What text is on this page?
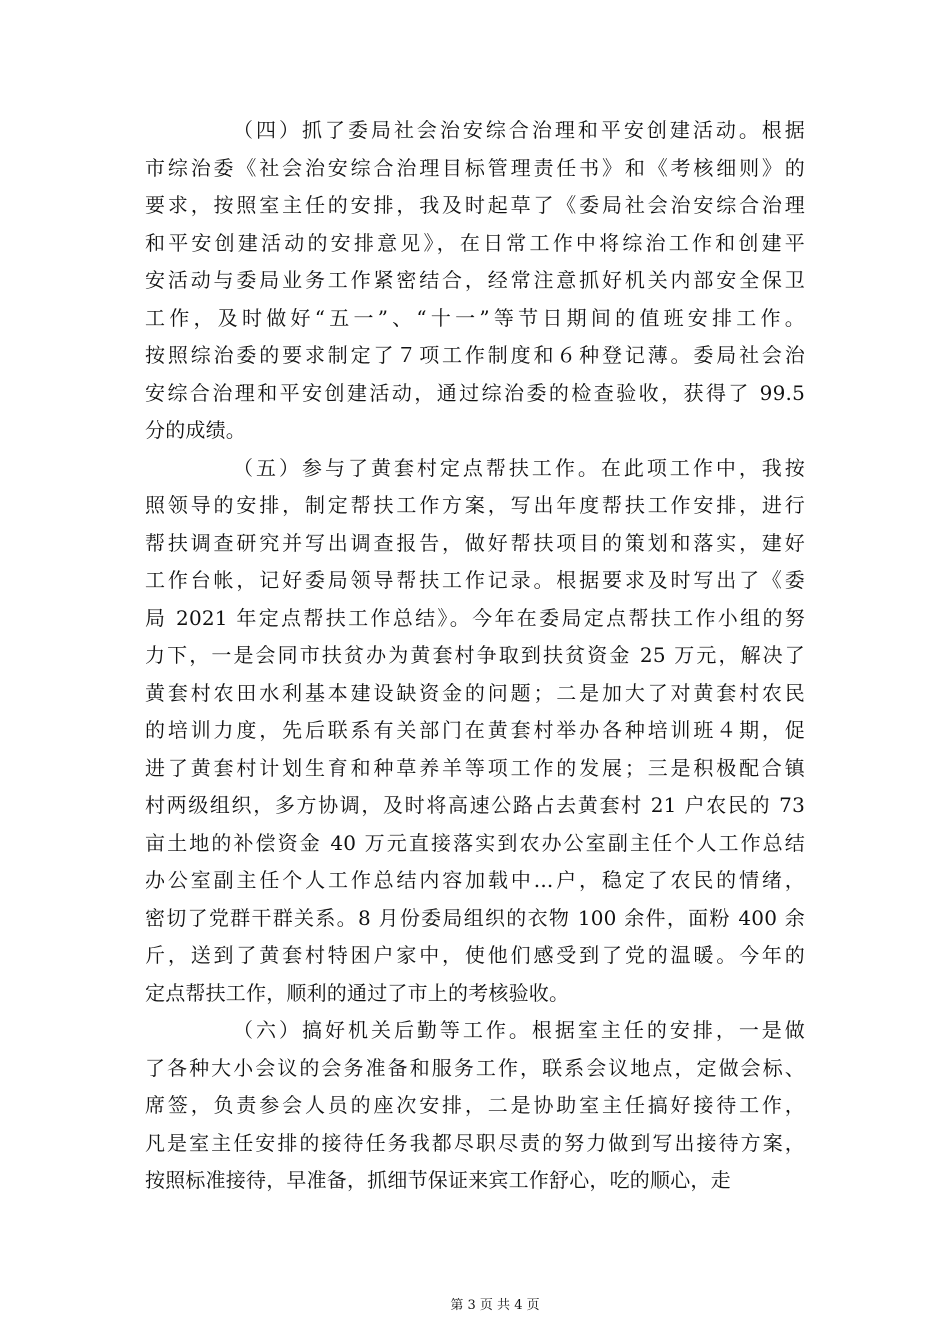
（四）抓了委局社会治安综合治理和平安创建活动。根据
市综治委《社会治安综合治理目标管理责任书》和《考核细则》的
要求，按照室主任的安排，我及时起草了《委局社会治安综合治理
和平安创建活动的安排意见》，在日常工作中将综治工作和创建平
安活动与委局业务工作紧密结合，经常注意抓好机关内部安全保卫
工作，及时做好“五一”、“十一”等节日期间的值班安排工作。
按照综治委的要求制定了７项工作制度和６种登记薄。委局社会治
安综合治理和平安创建活动，通过综治委的检查验收，获得了 99.5
分的成绩。
（五）参与了黄套村定点帮扶工作。在此项工作中，我按
照领导的安排，制定帮扶工作方案，写出年度帮扶工作安排，进行
帮扶调查研究并写出调查报告，做好帮扶项目的策划和落实，建好
工作台帐，记好委局领导帮扶工作记录。根据要求及时写出了《委
局 2021 年定点帮扶工作总结》。今年在委局定点帮扶工作小组的努
力下，一是会同市扶贫办为黄套村争取到扶贫资金 25 万元，解决了
黄套村农田水利基本建设缺资金的问题；二是加大了对黄套村农民
的培训力度，先后联系有关部门在黄套村举办各种培训班４期，促
进了黄套村计划生育和种草养羊等项工作的发展；三是积极配合镇
村两级组织，多方协调，及时将高速公路占去黄套村 21 户农民的 73
亩土地的补偿资金 40 万元直接落实到农办公室副主任个人工作总结
办公室副主任个人工作总结内容加载中...户，稳定了农民的情绪，
密切了党群干群关系。8 月份委局组织的衣物 100 余件，面粉 400 余
斤，送到了黄套村特困户家中，使他们感受到了党的温暖。今年的
定点帮扶工作，顺利的通过了市上的考核验收。
（六）搞好机关后勤等工作。根据室主任的安排，一是做
了各种大小会议的会务准备和服务工作，联系会议地点，定做会标、
席签，负责参会人员的座次安排，二是协助室主任搞好接待工作，
凡是室主任安排的接待任务我都尽职尽责的努力做到写出接待方案，
按照标准接待，早准备，抓细节保证来宾工作舒心，吃的顺心，走
第 3 页 共 4 页
